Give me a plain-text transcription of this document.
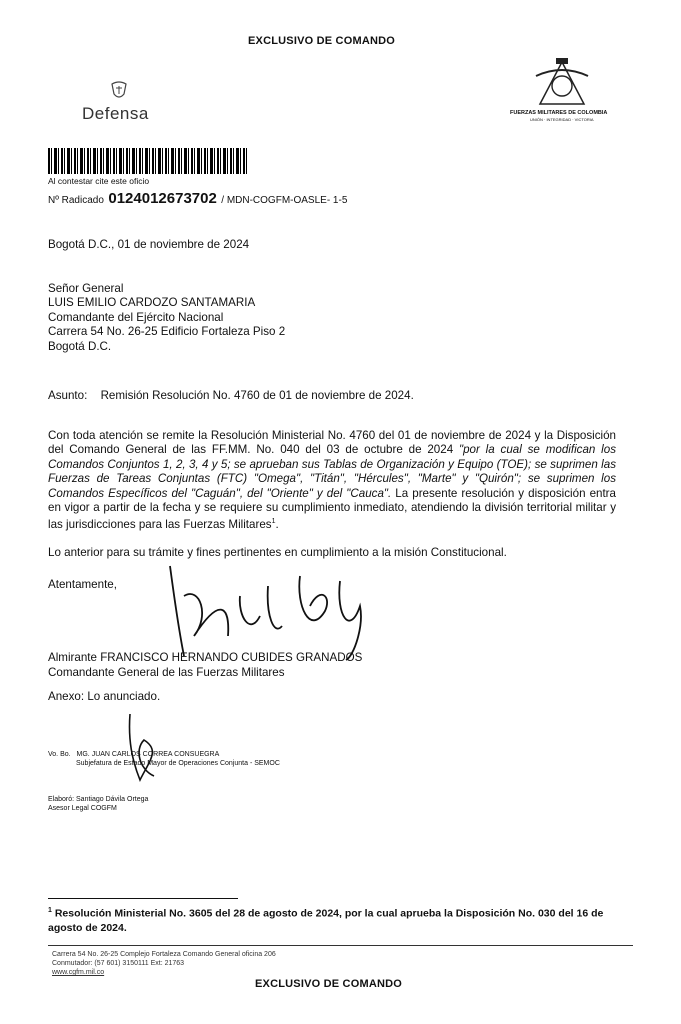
EXCLUSIVO DE COMANDO
Defensa	FUERZAS MILITARES DE COLOMBIA
UNIÓN · INTEGRIDAD · VICTORIA
Al contestar cite este oficio
Nº Radicado 0124012673702 / MDN-COGFM-OASLE- 1-5
Bogotá D.C., 01 de noviembre de 2024
Señor General
LUIS EMILIO CARDOZO SANTAMARIA
Comandante del Ejército Nacional
Carrera 54 No. 26-25 Edificio Fortaleza Piso 2
Bogotá D.C.
Asunto: Remisión Resolución No. 4760 de 01 de noviembre de 2024.
Con toda atención se remite la Resolución Ministerial No. 4760 del 01 de noviembre de 2024 y la Disposición del Comando General de las FF.MM. No. 040 del 03 de octubre de 2024 "por la cual se modifican los Comandos Conjuntos 1, 2, 3, 4 y 5; se aprueban sus Tablas de Organización y Equipo (TOE); se suprimen las Fuerzas de Tareas Conjuntas (FTC) "Omega", "Titán", "Hércules", "Marte" y "Quirón"; se suprimen los Comandos Específicos del "Caguán", del "Oriente" y del "Cauca". La presente resolución y disposición entra en vigor a partir de la fecha y se requiere su cumplimiento inmediato, atendiendo la división territorial militar y las jurisdicciones para las Fuerzas Militares$^1$.
Lo anterior para su trámite y fines pertinentes en cumplimiento a la misión Constitucional.
Atentamente,
Almirante FRANCISCO HERNANDO CUBIDES GRANADOS
Comandante General de las Fuerzas Militares
Anexo: Lo anunciado.
Vo. Bo. MG. JUAN CARLOS CORREA CONSUEGRA
Subjefatura de Estado Mayor de Operaciones Conjunta - SEMOC
Elaboró: Santiago Dávila Ortega
Asesor Legal COGFM
$^1$ Resolución Ministerial No. 3605 del 28 de agosto de 2024, por la cual aprueba la Disposición No. 030 del 16 de agosto de 2024.
Carrera 54 No. 26-25 Complejo Fortaleza Comando General oficina 206
Conmutador: (57 601) 3150111 Ext: 21763
www.cgfm.mil.co
EXCLUSIVO DE COMANDO
